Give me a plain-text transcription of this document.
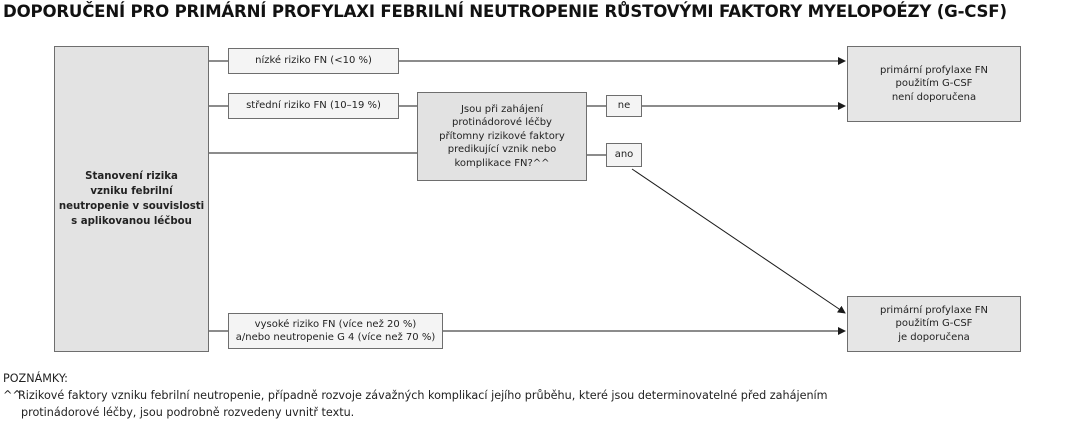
DOPORUČENÍ PRO PRIMÁRNÍ PROFYLAXI FEBRILNÍ NEUTROPENIE RŮSTOVÝMI FAKTORY MYELOPOÉZY (G-CSF)
Stanovení rizika
vzniku febrilní
neutropenie v souvislosti
s aplikovanou léčbou
nízké riziko FN (<10 %)
střední riziko FN (10–19 %)	Jsou při zahájení
protinádorové léčby
přítomny rizikové faktory
predikující vznik nebo
komplikace FN?^^
ne
ano
vysoké riziko FN (více než 20 %)
a/nebo neutropenie G 4 (více než 70 %)
primární profylaxe FN
použitím G-CSF
není doporučena
primární profylaxe FN
použitím G-CSF
je doporučena
POZNÁMKY:
^^Rizikové faktory vzniku febrilní neutropenie, případně rozvoje závažných komplikací jejího průběhu, které jsou determinovatelné před zahájením
protinádorové léčby, jsou podrobně rozvedeny uvnitř textu.
